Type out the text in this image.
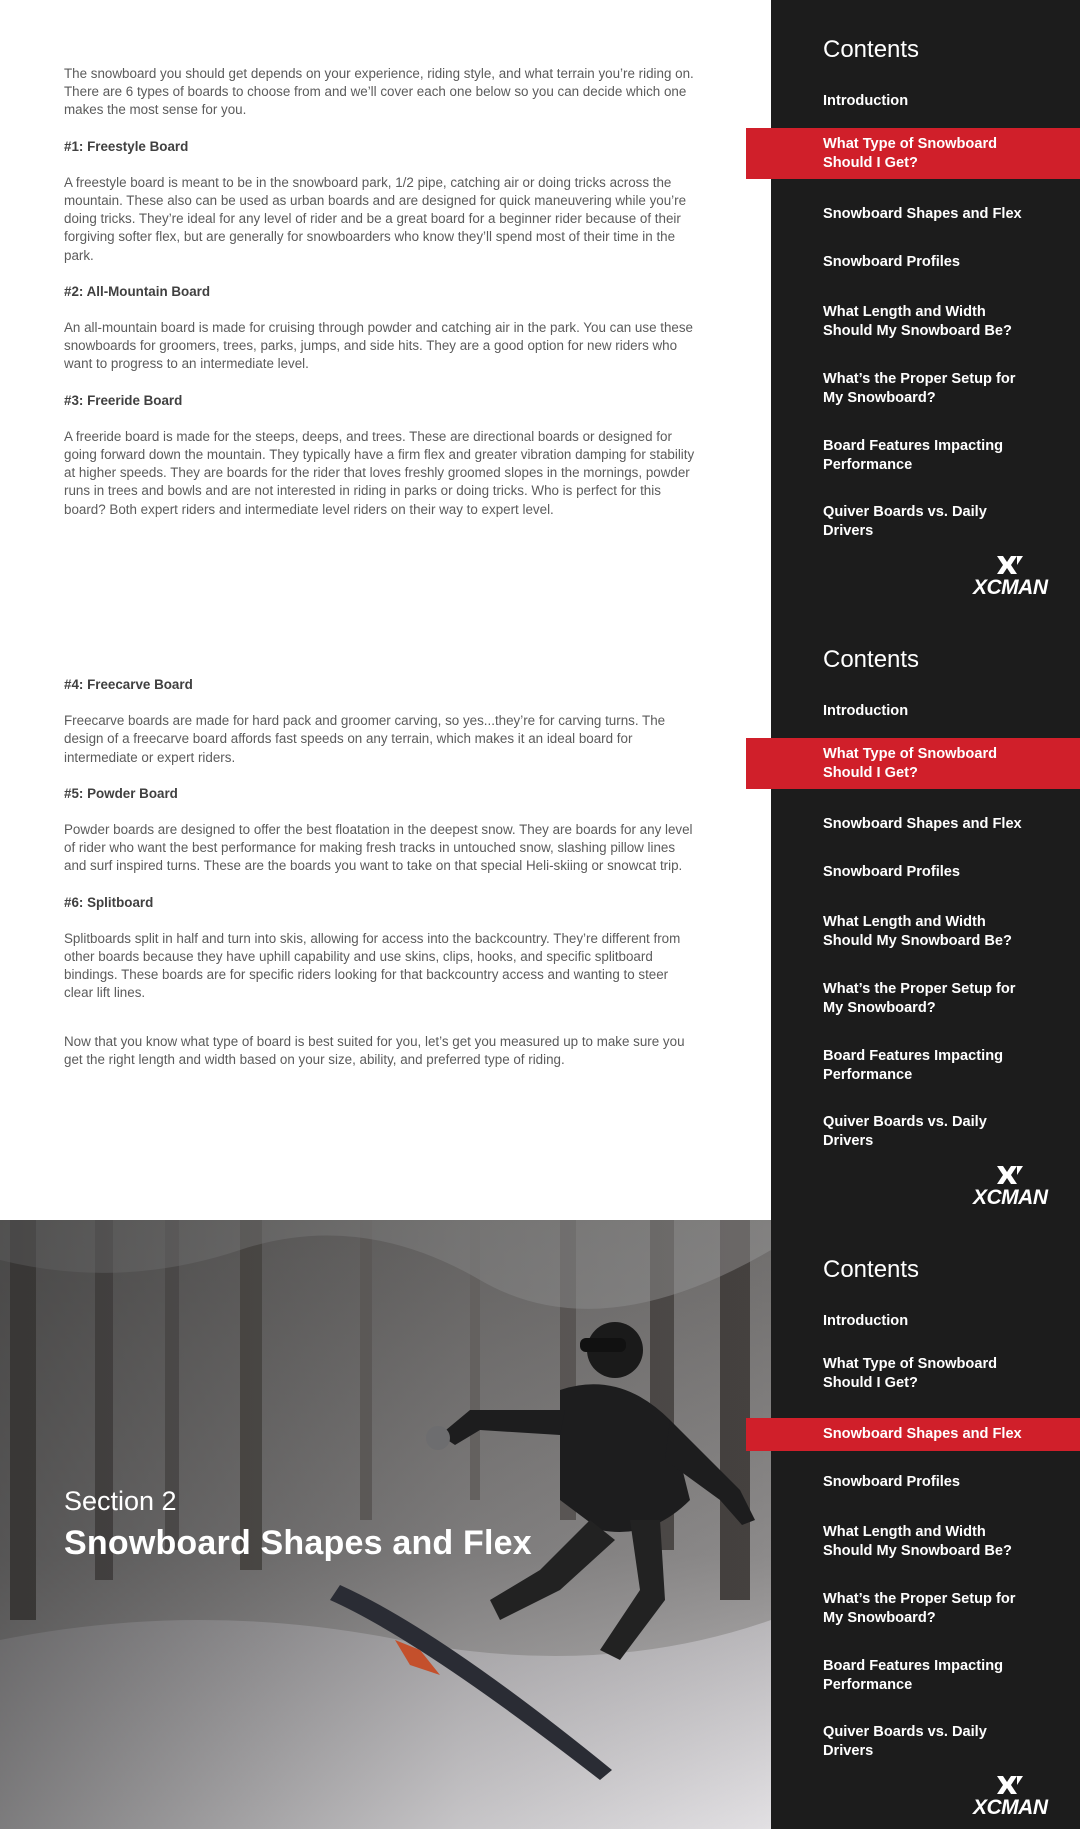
The snowboard you should get depends on your experience, riding style, and what terrain you’re riding on. There are 6 types of boards to choose from and we’ll cover each one below so you can decide which one makes the most sense for you.

#1: Freestyle Board

A freestyle board is meant to be in the snowboard park, 1/2 pipe, catching air or doing tricks across the mountain. These also can be used as urban boards and are designed for quick maneuvering while you’re doing tricks. They’re ideal for any level of rider and be a great board for a beginner rider because of their forgiving softer flex, but are generally for snowboarders who know they’ll spend most of their time in the park.

#2: All-Mountain Board

An all-mountain board is made for cruising through powder and catching air in the park. You can use these snowboards for groomers, trees, parks, jumps, and side hits. They are a good option for new riders who want to progress to an intermediate level.

#3: Freeride Board

A freeride board is made for the steeps, deeps, and trees. These are directional boards or designed for going forward down the mountain. They typically have a firm flex and greater vibration damping for stability at higher speeds. They are boards for the rider that loves freshly groomed slopes in the mornings, powder runs in trees and bowls and are not interested in riding in parks or doing tricks. Who is perfect for this board? Both expert riders and intermediate level riders on their way to expert level.

#4: Freecarve Board

Freecarve boards are made for hard pack and groomer carving, so yes...they’re for carving turns. The design of a freecarve board affords fast speeds on any terrain, which makes it an ideal board for intermediate or expert riders.

#5: Powder Board

Powder boards are designed to offer the best floatation in the deepest snow. They are boards for any level of rider who want the best performance for making fresh tracks in untouched snow, slashing pillow lines and surf inspired turns. These are the boards you want to take on that special Heli-skiing or snowcat trip.

#6: Splitboard

Splitboards split in half and turn into skis, allowing for access into the backcountry. They’re different from other boards because they have uphill capability and use skins, clips, hooks, and specific splitboard bindings. These boards are for specific riders looking for that backcountry access and wanting to steer clear lift lines.

Now that you know what type of board is best suited for you, let’s get you measured up to make sure you get the right length and width based on your size, ability, and preferred type of riding.

Section 2
Snowboard Shapes and Flex
Contents
Introduction
What Type of Snowboard
Should I Get?
Snowboard Shapes and Flex
Snowboard Profiles
What Length and Width
Should My Snowboard Be?
What’s the Proper Setup for
My Snowboard?
Board Features Impacting
Performance
Quiver Boards vs. Daily
Drivers
XCMAN
Contents
Introduction
What Type of Snowboard
Should I Get?
Snowboard Shapes and Flex
Snowboard Profiles
What Length and Width
Should My Snowboard Be?
What’s the Proper Setup for
My Snowboard?
Board Features Impacting
Performance
Quiver Boards vs. Daily
Drivers
XCMAN
Contents
Introduction
What Type of Snowboard
Should I Get?
Snowboard Shapes and Flex
Snowboard Profiles
What Length and Width
Should My Snowboard Be?
What’s the Proper Setup for
My Snowboard?
Board Features Impacting
Performance
Quiver Boards vs. Daily
Drivers
XCMAN
